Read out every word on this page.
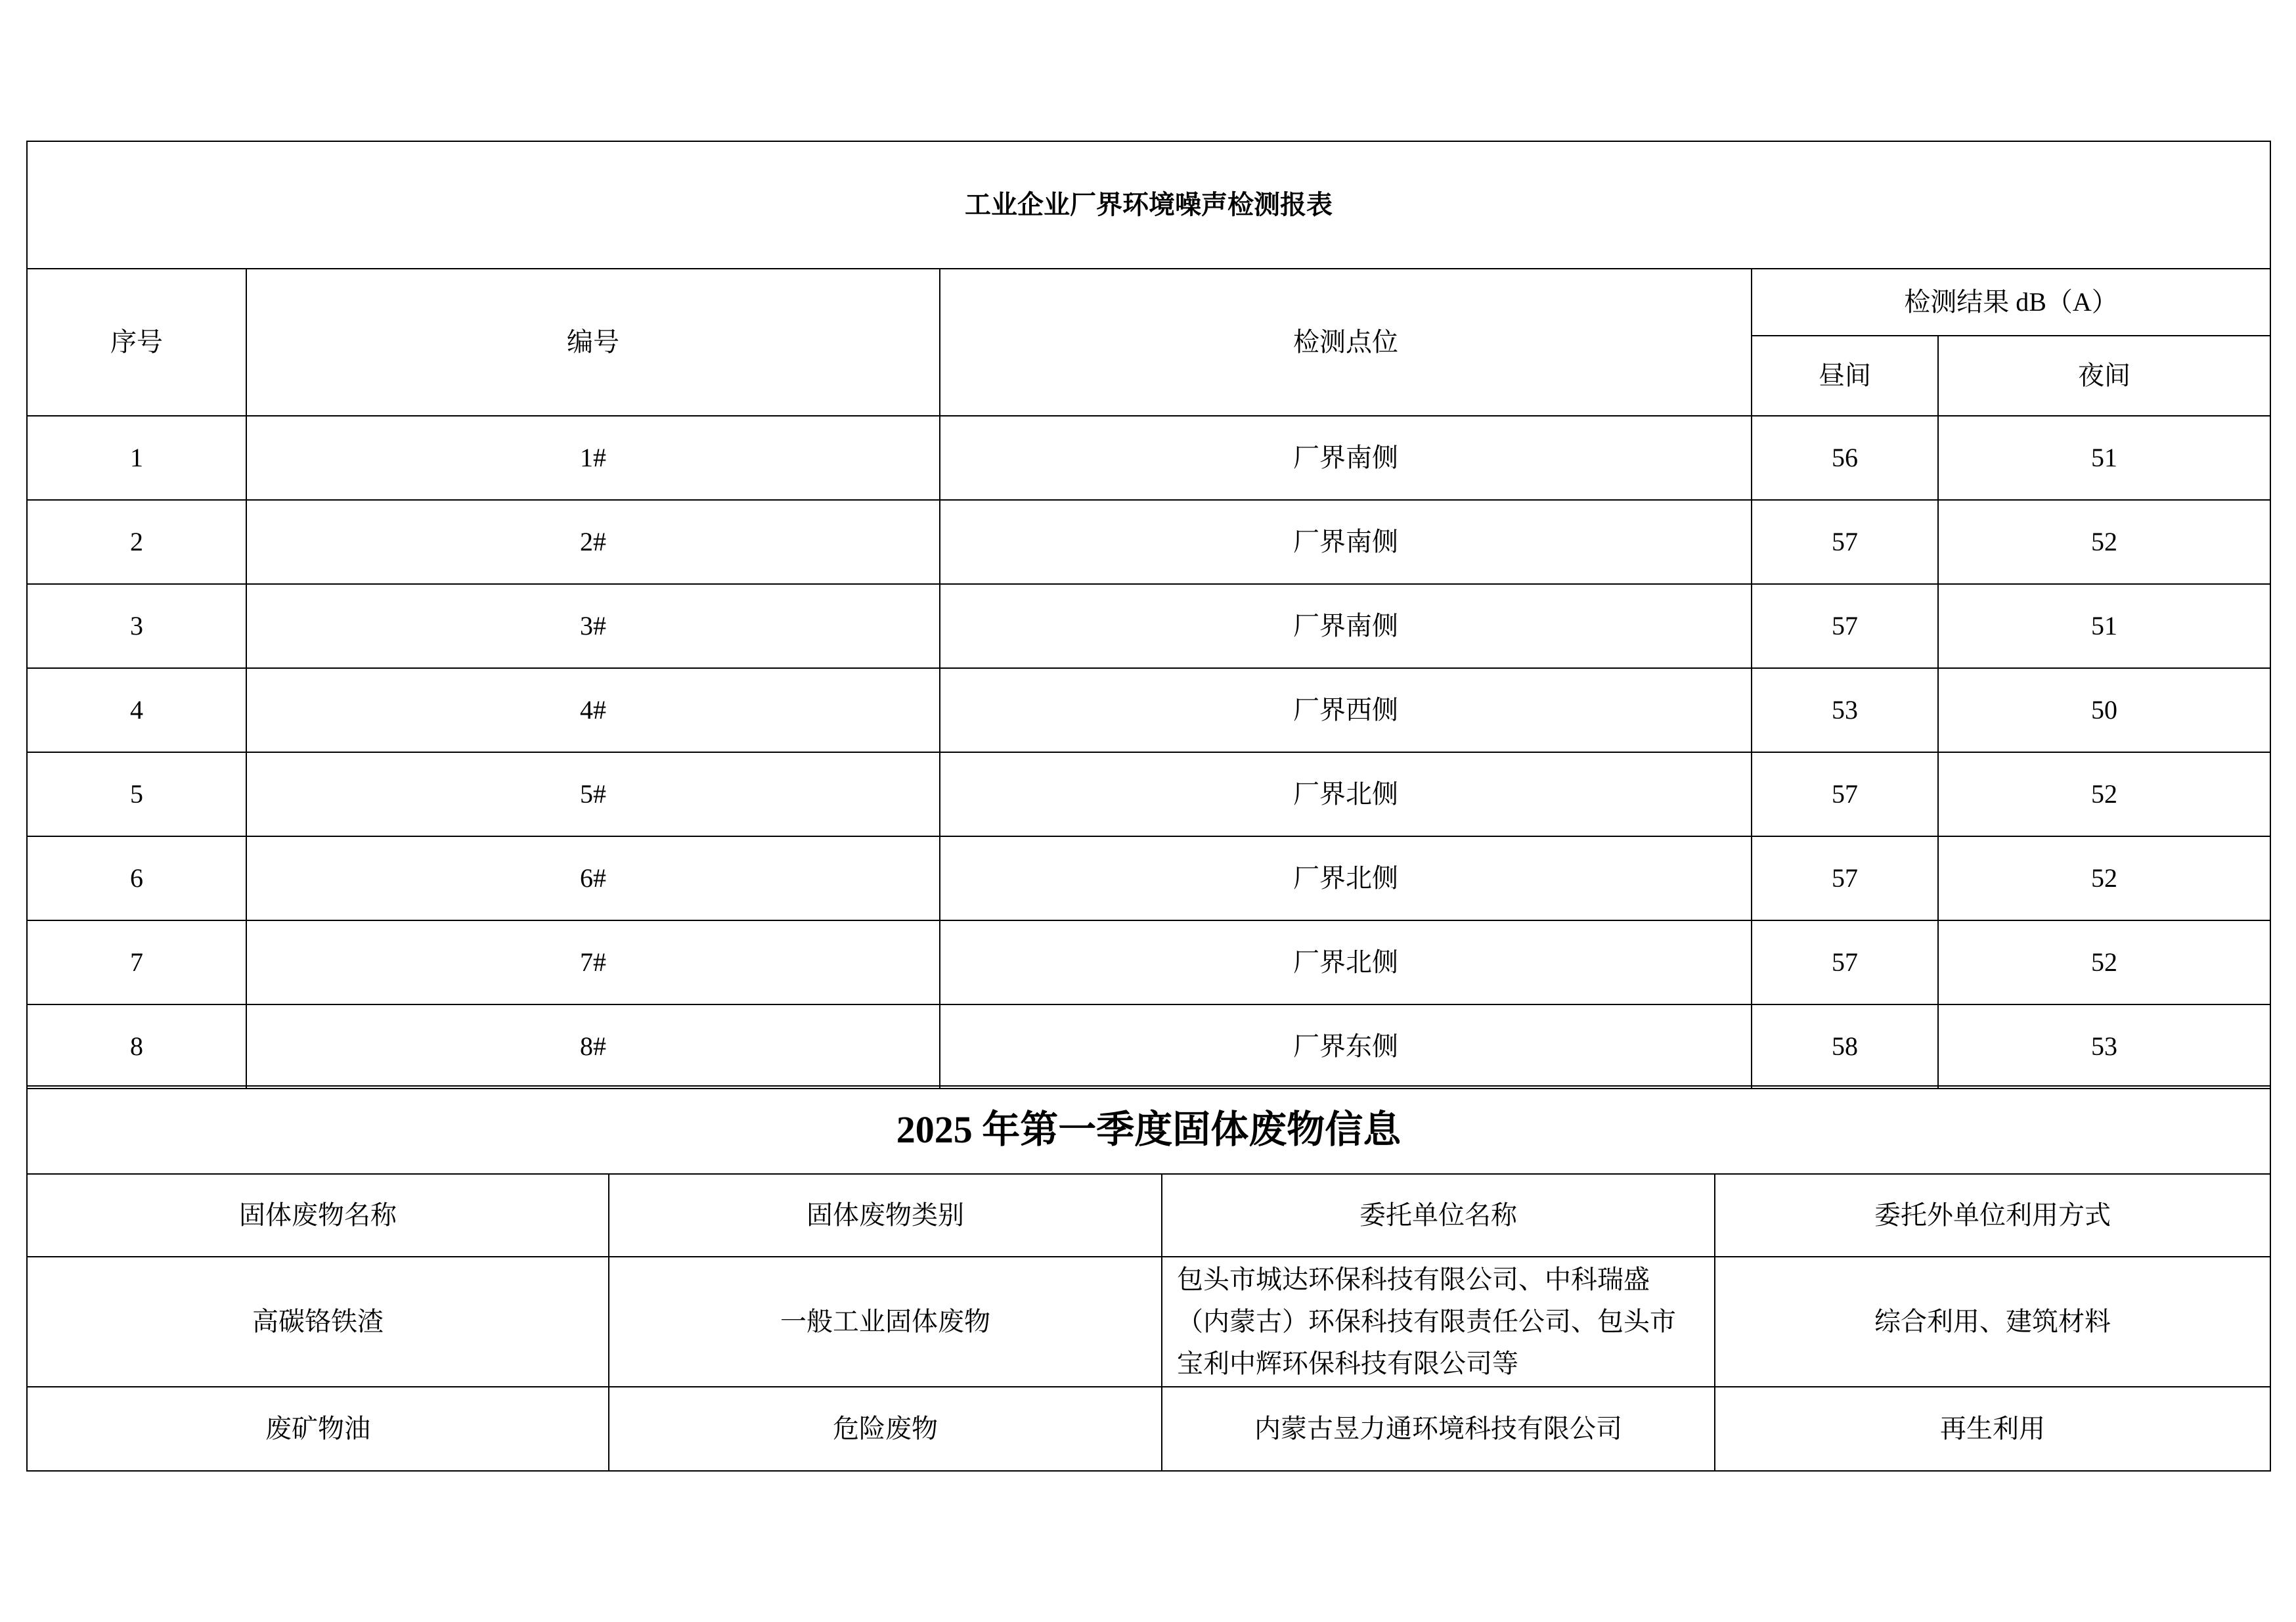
工业企业厂界环境噪声检测报表				
序号	编号	检测点位	检测结果 dB（A）	
			昼间	夜间
1	1#	厂界南侧	56	51
2	2#	厂界南侧	57	52
3	3#	厂界南侧	57	51
4	4#	厂界西侧	53	50
5	5#	厂界北侧	57	52
6	6#	厂界北侧	57	52
7	7#	厂界北侧	57	52
8	8#	厂界东侧	58	53
2025 年第一季度固体废物信息			
固体废物名称	固体废物类别	委托单位名称	委托外单位利用方式
高碳铬铁渣	一般工业固体废物	包头市城达环保科技有限公司、中科瑞盛（内蒙古）环保科技有限责任公司、包头市宝利中辉环保科技有限公司等	综合利用、建筑材料
废矿物油	危险废物	内蒙古昱力通环境科技有限公司	再生利用
